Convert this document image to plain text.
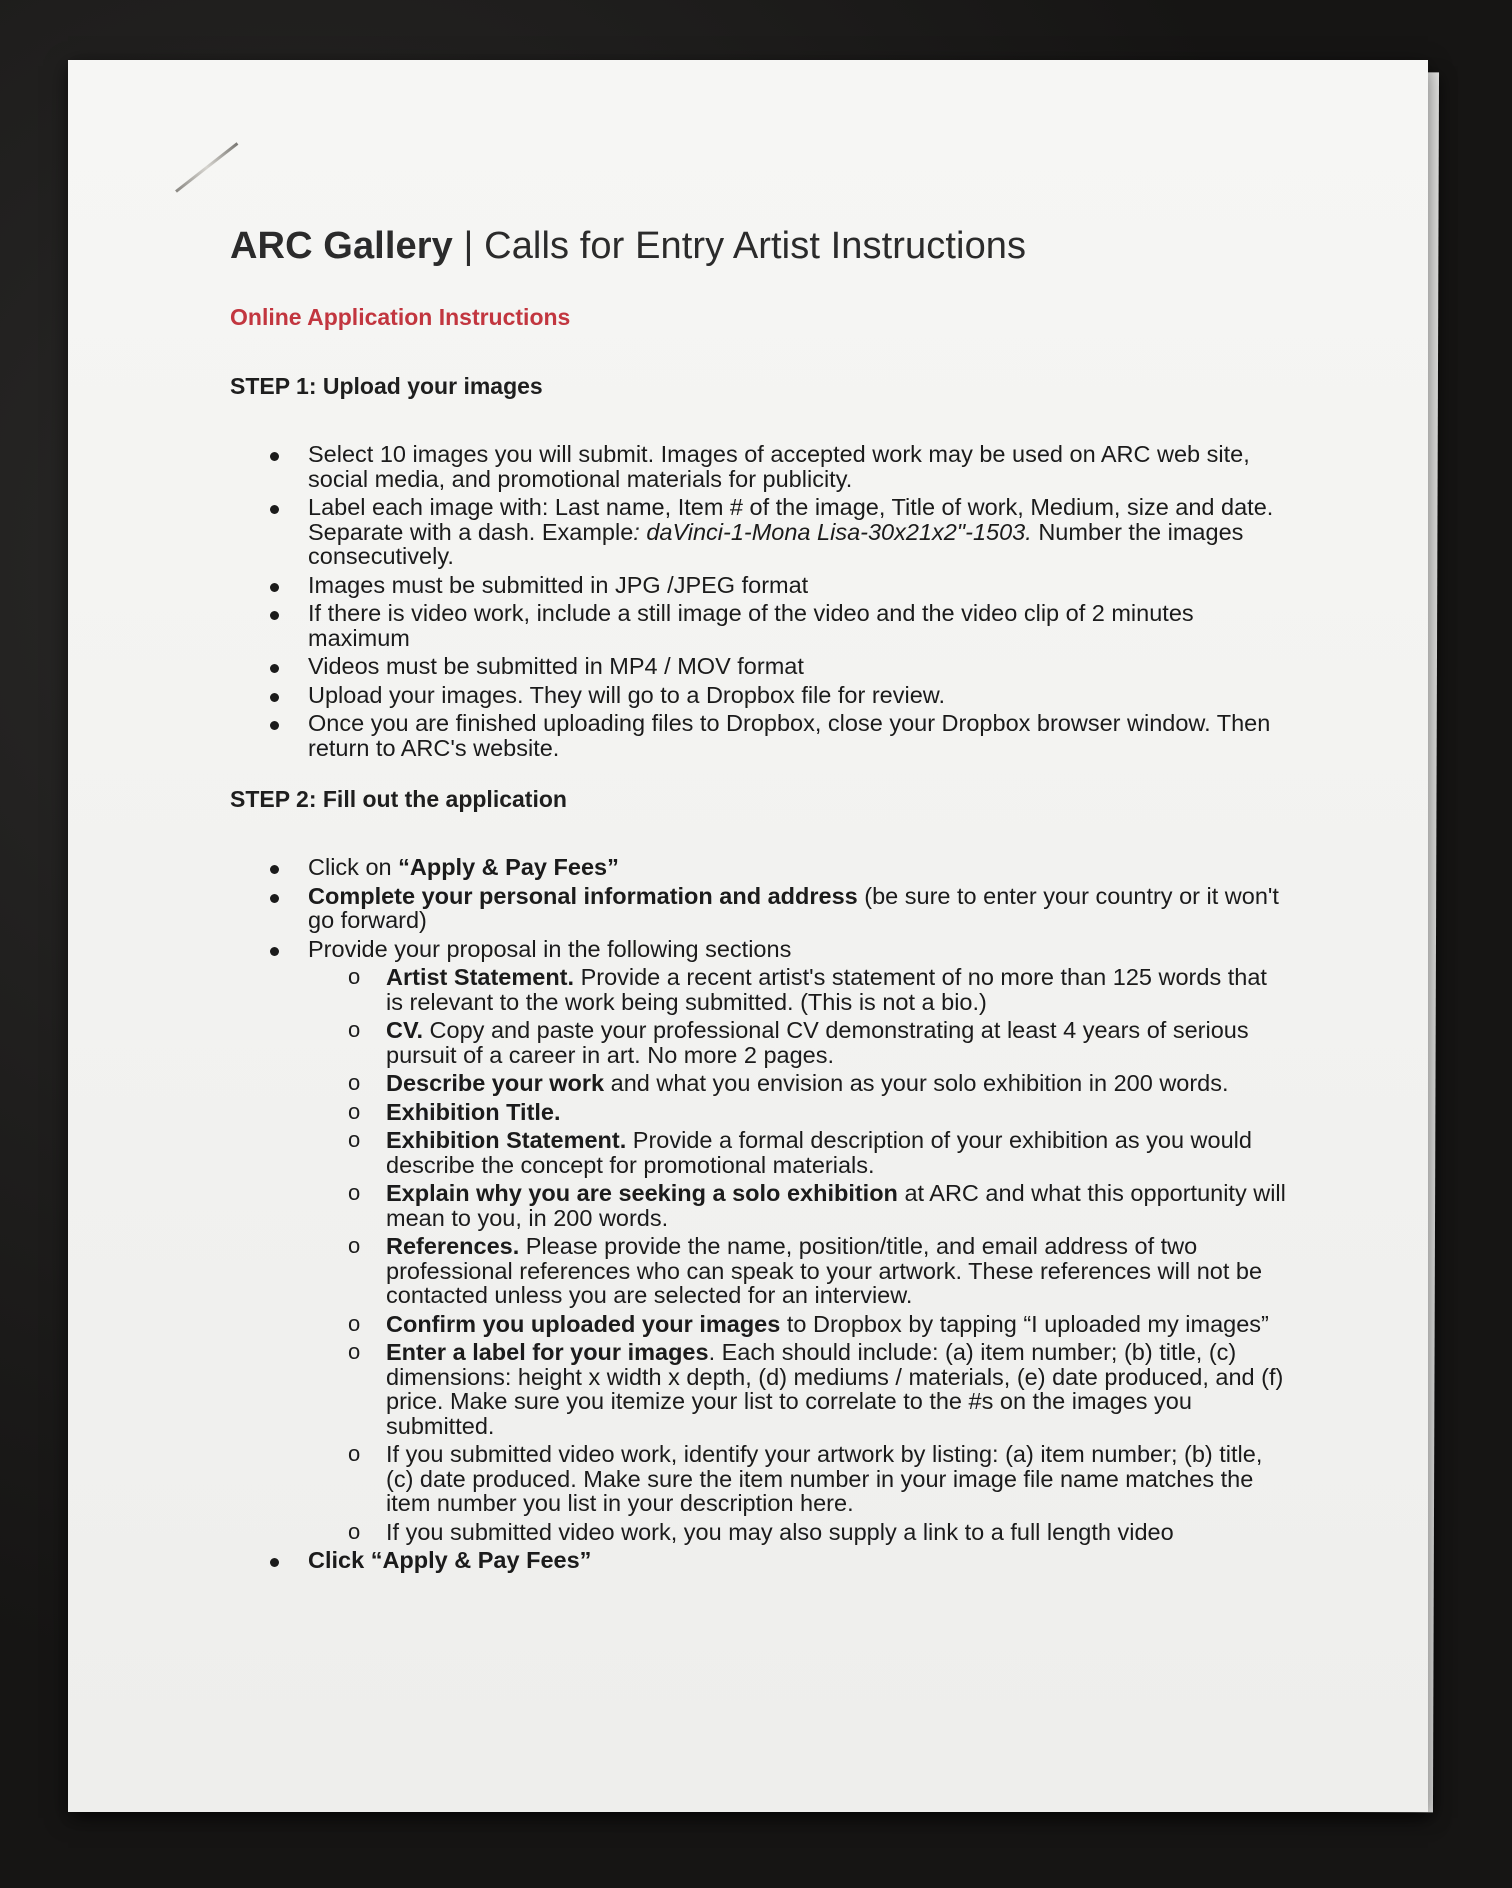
ARC Gallery | Calls for Entry Artist Instructions
Online Application Instructions
STEP 1: Upload your images
Select 10 images you will submit. Images of accepted work may be used on ARC web site, social media, and promotional materials for publicity.
Label each image with: Last name, Item # of the image, Title of work, Medium, size and date. Separate with a dash. Example: daVinci-1-Mona Lisa-30x21x2"-1503. Number the images consecutively.
Images must be submitted in JPG /JPEG format
If there is video work, include a still image of the video and the video clip of 2 minutes maximum
Videos must be submitted in MP4 / MOV format
Upload your images. They will go to a Dropbox file for review.
Once you are finished uploading files to Dropbox, close your Dropbox browser window. Then return to ARC's website.
STEP 2: Fill out the application
Click on “Apply & Pay Fees”
Complete your personal information and address (be sure to enter your country or it won't go forward)
Provide your proposal in the following sections
o Artist Statement. Provide a recent artist's statement of no more than 125 words that is relevant to the work being submitted. (This is not a bio.)
o CV. Copy and paste your professional CV demonstrating at least 4 years of serious pursuit of a career in art. No more 2 pages.
o Describe your work and what you envision as your solo exhibition in 200 words.
o Exhibition Title.
o Exhibition Statement. Provide a formal description of your exhibition as you would describe the concept for promotional materials.
o Explain why you are seeking a solo exhibition at ARC and what this opportunity will mean to you, in 200 words.
o References. Please provide the name, position/title, and email address of two professional references who can speak to your artwork. These references will not be contacted unless you are selected for an interview.
o Confirm you uploaded your images to Dropbox by tapping “I uploaded my images”
o Enter a label for your images. Each should include: (a) item number; (b) title, (c) dimensions: height x width x depth, (d) mediums / materials, (e) date produced, and (f) price. Make sure you itemize your list to correlate to the #s on the images you submitted.
o If you submitted video work, identify your artwork by listing: (a) item number; (b) title, (c) date produced. Make sure the item number in your image file name matches the item number you list in your description here.
o If you submitted video work, you may also supply a link to a full length video
Click “Apply & Pay Fees”
